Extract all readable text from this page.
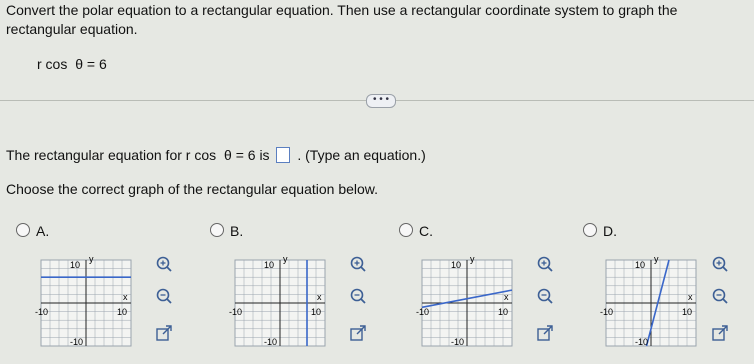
Convert the polar equation to a rectangular equation. Then use a rectangular coordinate system to graph the
rectangular equation.
r cos θ = 6
• • •
The rectangular equation for r cos θ = 6 is . (Type an equation.)
Choose the correct graph of the rectangular equation below.
A.	B.	C.	D.
y
x
10
-10
-10	10
y
x
10
-10
-10	10
y
x
10
-10
-10	10
y
x
10
-10
-10	10
